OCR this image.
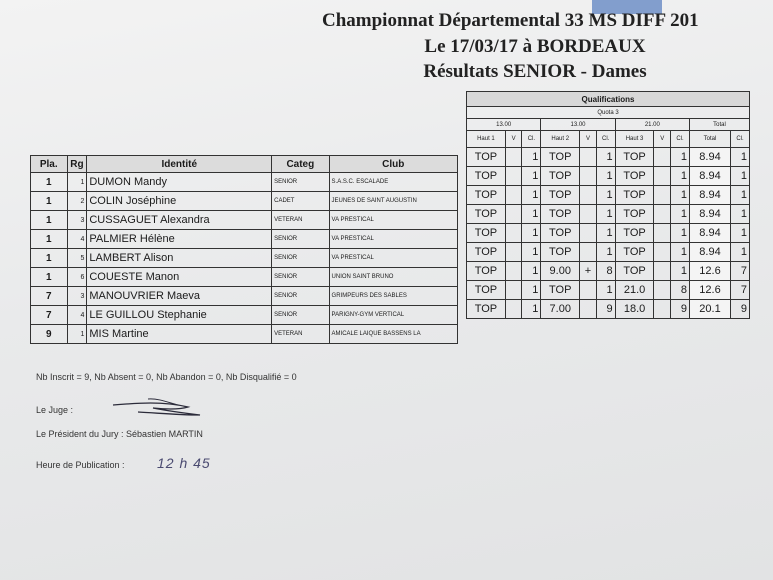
Championnat Départemental 33 MS DIFF 201
Le 17/03/17 à BORDEAUX
Résultats SENIOR - Dames
Pla.	Rg	Identité	Categ	Club
1	1	DUMON Mandy	SENIOR	S.A.S.C. ESCALADE
1	2	COLIN Joséphine	CADET	JEUNES DE SAINT AUGUSTIN
1	3	CUSSAGUET Alexandra	VETERAN	VA PRESTICAL
1	4	PALMIER Hélène	SENIOR	VA PRESTICAL
1	5	LAMBERT Alison	SENIOR	VA PRESTICAL
1	6	COUESTE Manon	SENIOR	UNION SAINT BRUNO
7	3	MANOUVRIER Maeva	SENIOR	GRIMPEURS DES SABLES
7	4	LE GUILLOU Stephanie	SENIOR	PARIGNY-GYM VERTICAL
9	1	MIS Martine	VETERAN	AMICALE LAIQUE BASSENS LA
Qualifications										
Quota 3										
13.00			13.00			21.00			Total	
Haut 1	V	Cl.	Haut 2	V	Cl.	Haut 3	V	Cl.	Total	Cl.
TOP		1	TOP		1	TOP		1	8.94	1
TOP		1	TOP		1	TOP		1	8.94	1
TOP		1	TOP		1	TOP		1	8.94	1
TOP		1	TOP		1	TOP		1	8.94	1
TOP		1	TOP		1	TOP		1	8.94	1
TOP		1	TOP		1	TOP		1	8.94	1
TOP		1	9.00	+	8	TOP		1	12.6	7
TOP		1	TOP		1	21.0		8	12.6	7
TOP		1	7.00		9	18.0		9	20.1	9
Nb Inscrit = 9, Nb Absent = 0, Nb Abandon = 0, Nb Disqualifié = 0
Le Juge :
Le Président du Jury : Sébastien MARTIN
Heure de Publication : 12 h 45
